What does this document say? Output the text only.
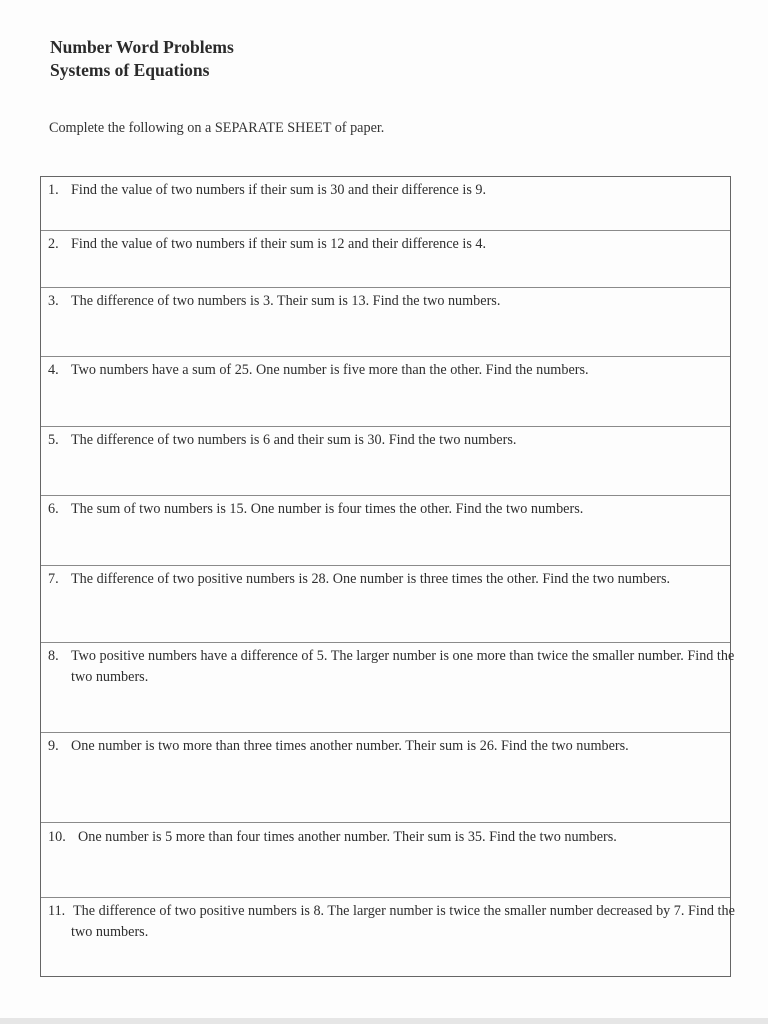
Number Word Problems
Systems of Equations
Complete the following on a SEPARATE SHEET of paper.
1. Find the value of two numbers if their sum is 30 and their difference is 9.
2. Find the value of two numbers if their sum is 12 and their difference is 4.
3. The difference of two numbers is 3. Their sum is 13. Find the two numbers.
4. Two numbers have a sum of 25. One number is five more than the other. Find the numbers.
5. The difference of two numbers is 6 and their sum is 30. Find the two numbers.
6. The sum of two numbers is 15. One number is four times the other. Find the two numbers.
7. The difference of two positive numbers is 28. One number is three times the other. Find the two numbers.
8. Two positive numbers have a difference of 5. The larger number is one more than twice the smaller number. Find the two numbers.
9. One number is two more than three times another number. Their sum is 26. Find the two numbers.
10. One number is 5 more than four times another number. Their sum is 35. Find the two numbers.
11. The difference of two positive numbers is 8. The larger number is twice the smaller number decreased by 7. Find the two numbers.
